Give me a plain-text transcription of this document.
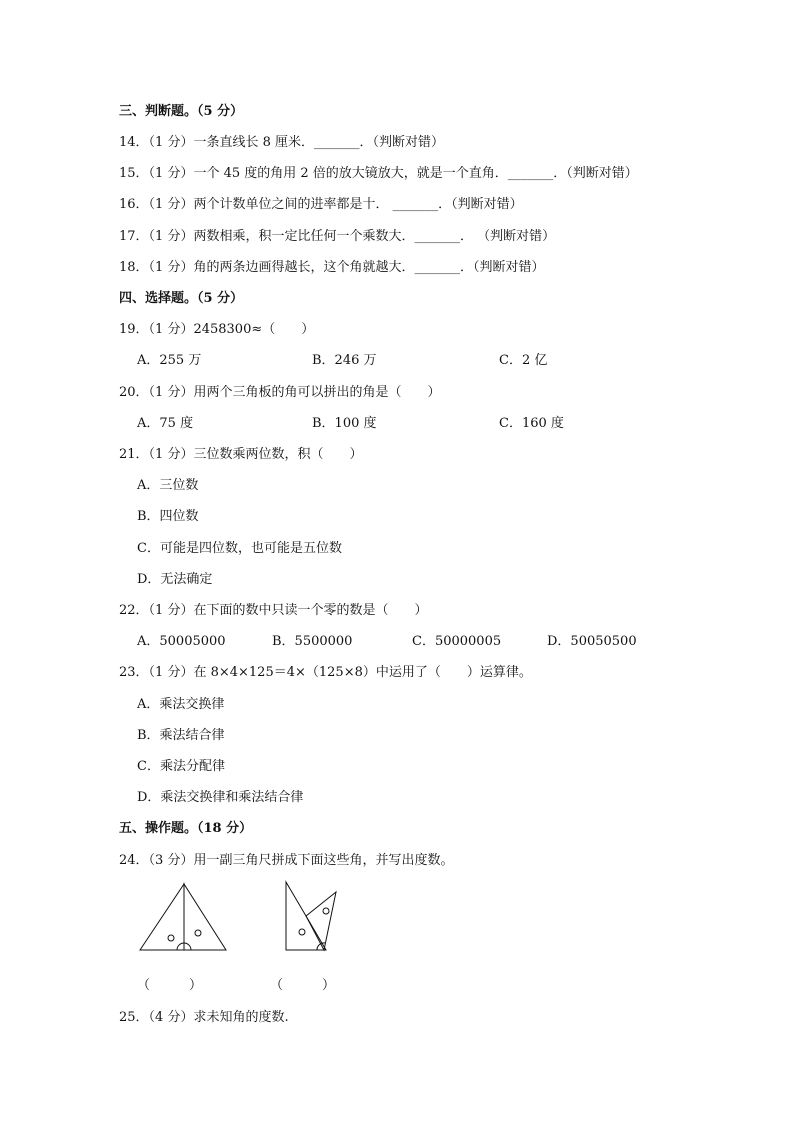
三、判断题。（5 分）
14．（1 分）一条直线长 8 厘米．_______．（判断对错）
15．（1 分）一个 45 度的角用 2 倍的放大镜放大，就是一个直角．_______．（判断对错）
16．（1 分）两个计数单位之间的进率都是十． _______．（判断对错）
17．（1 分）两数相乘，积一定比任何一个乘数大．_______． （判断对错）
18．（1 分）角的两条边画得越长，这个角就越大．_______．（判断对错）
四、选择题。（5 分）
19．（1 分）2458300≈（　　）
A．255 万	B．246 万	C．2 亿
20．（1 分）用两个三角板的角可以拼出的角是（　　）
A．75 度	B．100 度	C．160 度
21．（1 分）三位数乘两位数，积（　　）
A．三位数
B．四位数
C．可能是四位数，也可能是五位数
D．无法确定
22．（1 分）在下面的数中只读一个零的数是（　　）
A．50005000	B．5500000	C．50000005	D．50050500
23．（1 分）在 8×4×125＝4×（125×8）中运用了（　　）运算律。
A．乘法交换律
B．乘法结合律
C．乘法分配律
D．乘法交换律和乘法结合律
五、操作题。（18 分）
24．（3 分）用一副三角尺拼成下面这些角，并写出度数。
（　　　）	（　　　）
25．（4 分）求未知角的度数.
